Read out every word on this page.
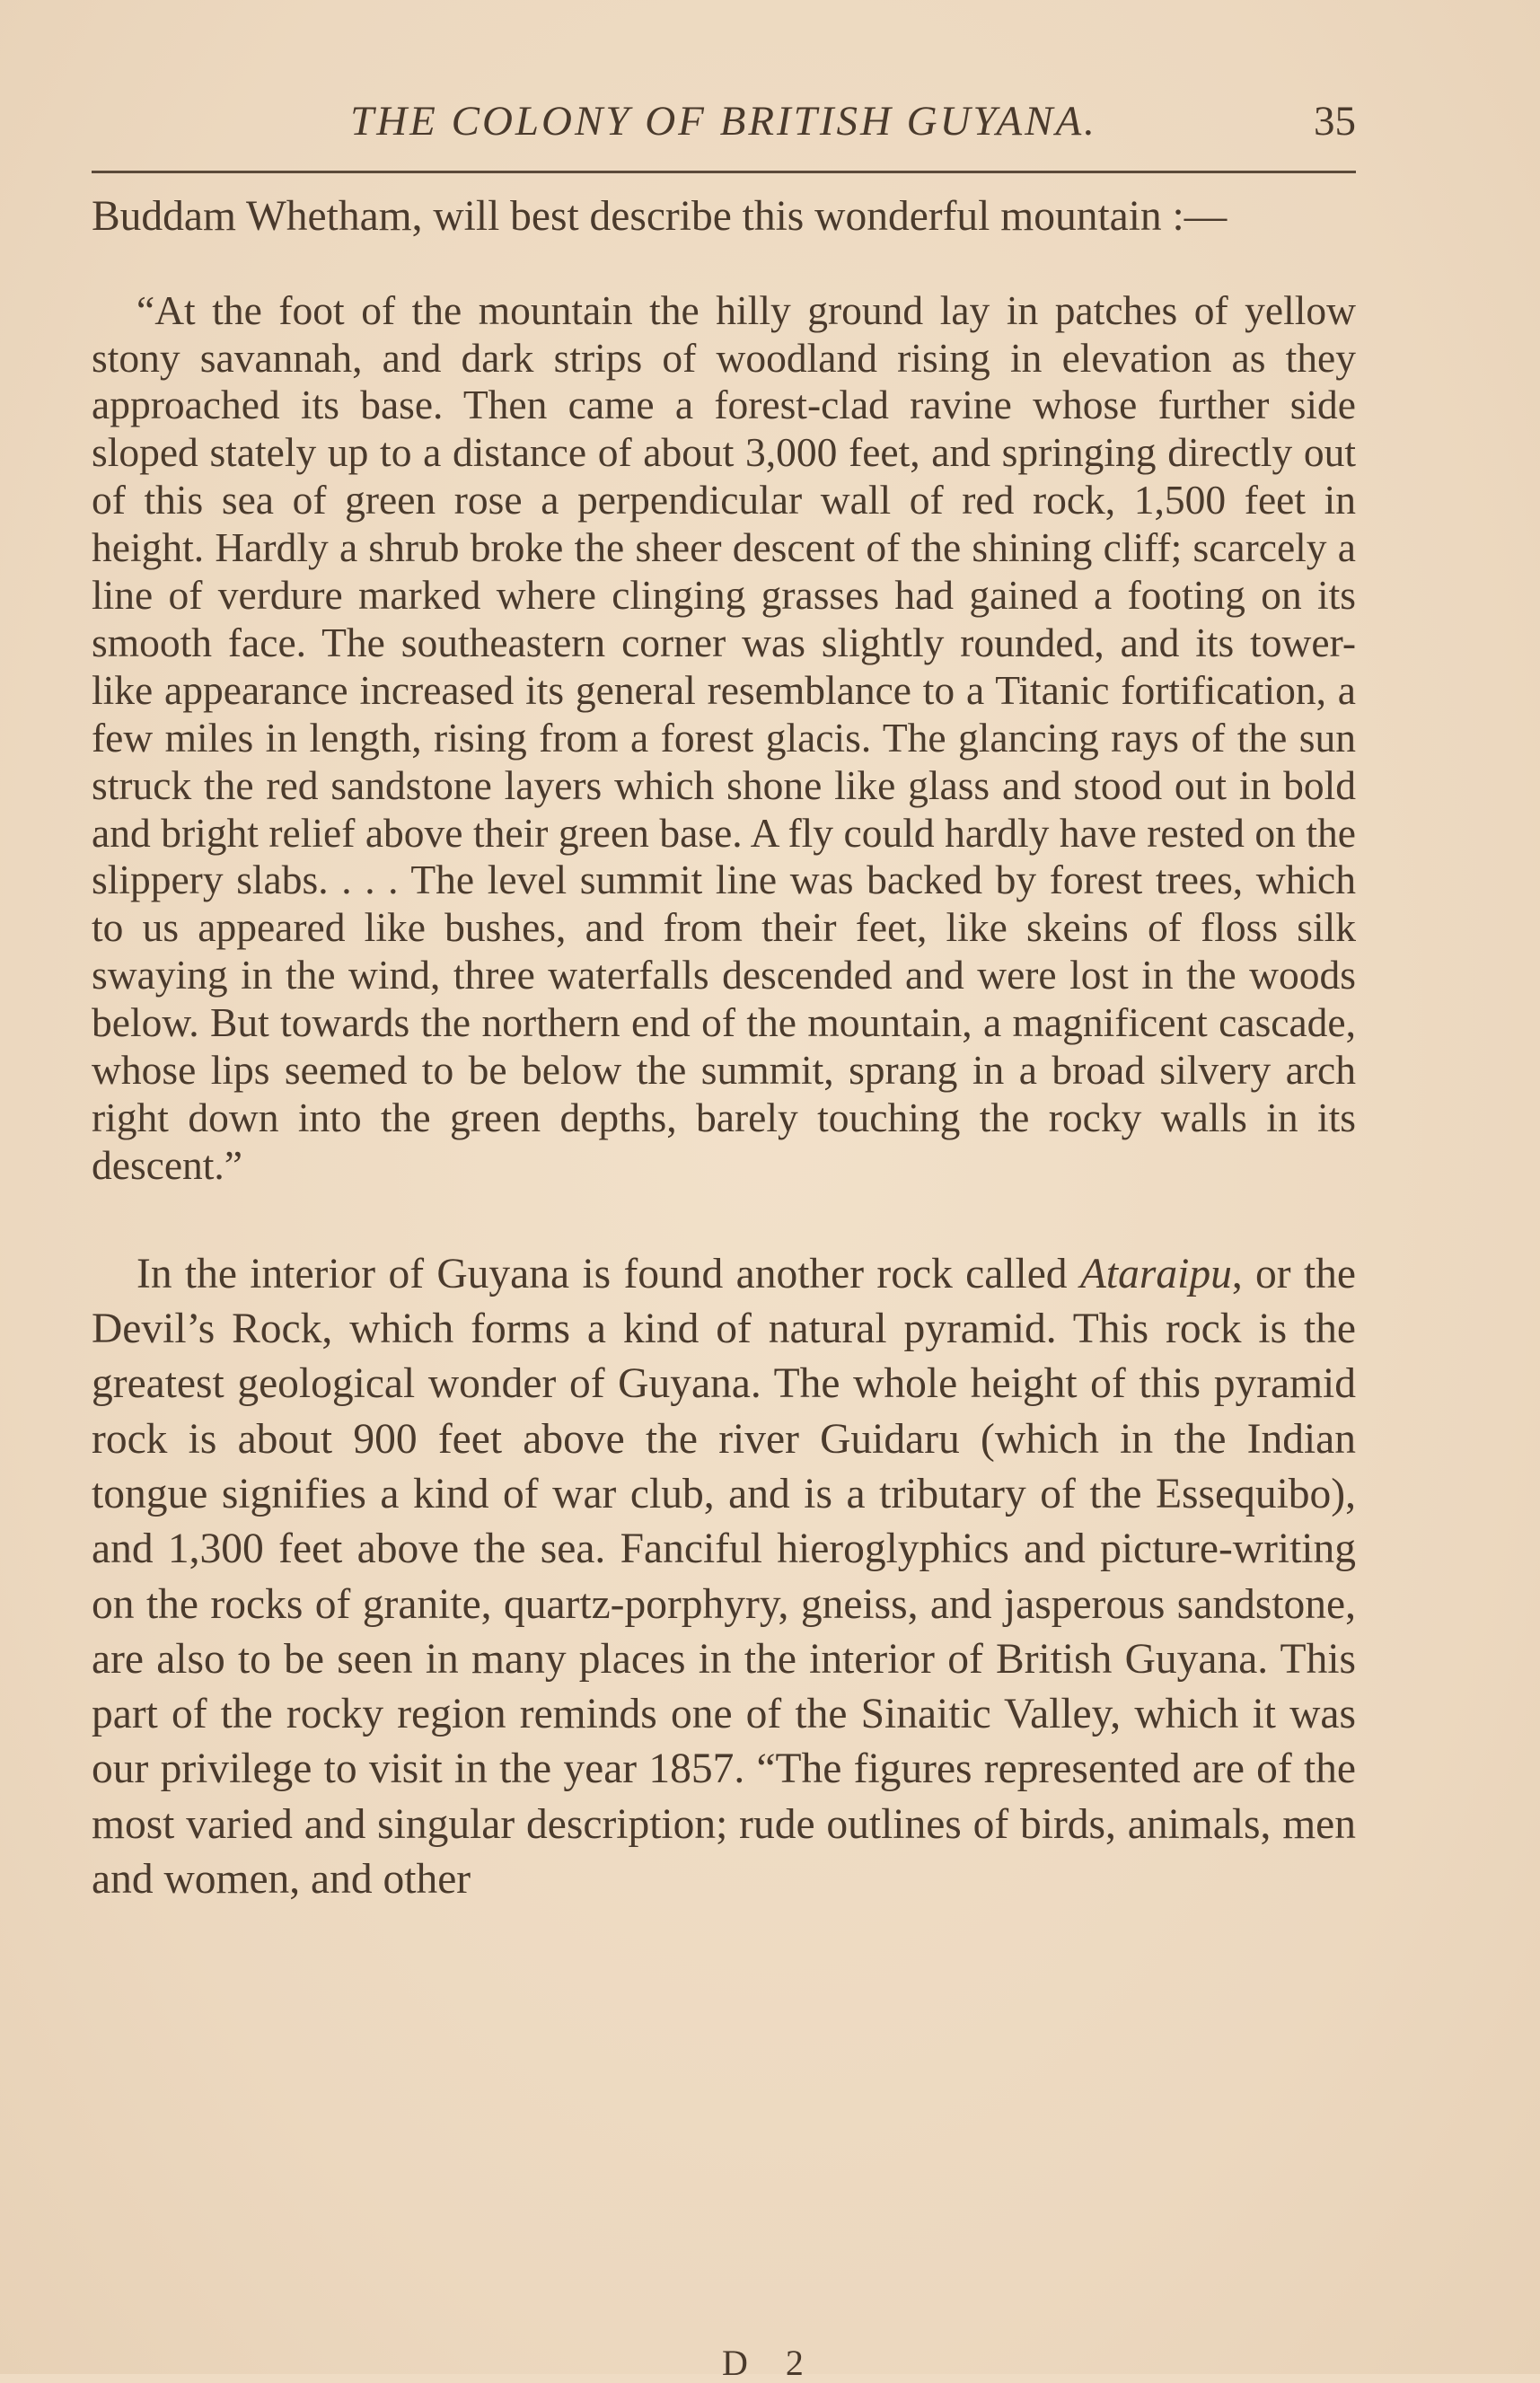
THE COLONY OF BRITISH GUYANA.	35

Buddam Whetham, will best describe this wonderful mountain :—

“At the foot of the mountain the hilly ground lay in patches of yellow stony savannah, and dark strips of woodland rising in elevation as they approached its base. Then came a forest-clad ravine whose further side sloped stately up to a distance of about 3,000 feet, and springing directly out of this sea of green rose a perpendicular wall of red rock, 1,500 feet in height. Hardly a shrub broke the sheer descent of the shining cliff; scarcely a line of verdure marked where clinging grasses had gained a footing on its smooth face. The southeastern corner was slightly rounded, and its tower-like appearance increased its general resemblance to a Titanic fortification, a few miles in length, rising from a forest glacis. The glancing rays of the sun struck the red sandstone layers which shone like glass and stood out in bold and bright relief above their green base. A fly could hardly have rested on the slippery slabs. . . . The level summit line was backed by forest trees, which to us appeared like bushes, and from their feet, like skeins of floss silk swaying in the wind, three waterfalls descended and were lost in the woods below. But towards the northern end of the mountain, a magnificent cascade, whose lips seemed to be below the summit, sprang in a broad silvery arch right down into the green depths, barely touching the rocky walls in its descent.”

In the interior of Guyana is found another rock called Ataraipu, or the Devil’s Rock, which forms a kind of natural pyramid. This rock is the greatest geological wonder of Guyana. The whole height of this pyramid rock is about 900 feet above the river Guidaru (which in the Indian tongue signifies a kind of war club, and is a tributary of the Essequibo), and 1,300 feet above the sea. Fanciful hieroglyphics and picture-writing on the rocks of granite, quartz-porphyry, gneiss, and jasperous sandstone, are also to be seen in many places in the interior of British Guyana. This part of the rocky region reminds one of the Sinaitic Valley, which it was our privilege to visit in the year 1857. “The figures represented are of the most varied and singular description; rude outlines of birds, animals, men and women, and other

D 2
